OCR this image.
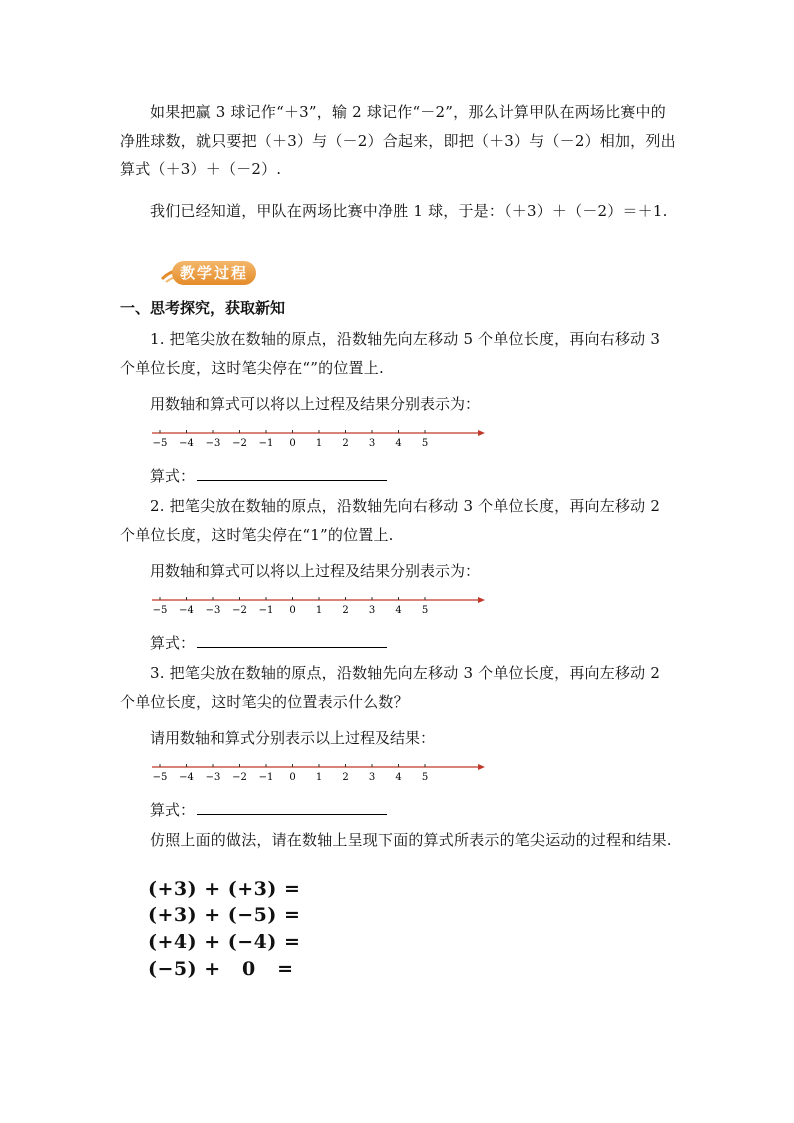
如果把赢 3 球记作“＋3”，输 2 球记作“－2”，那么计算甲队在两场比赛中的净胜球数，就只要把（＋3）与（－2）合起来，即把（＋3）与（－2）相加，列出算式（＋3）＋（－2）.

我们已经知道，甲队在两场比赛中净胜 1 球，于是：（＋3）＋（－2）＝＋1.

教学过程
一、思考探究，获取新知

1. 把笔尖放在数轴的原点，沿数轴先向左移动 5 个单位长度，再向右移动 3 个单位长度，这时笔尖停在“”的位置上.

用数轴和算式可以将以上过程及结果分别表示为：
−5 −4 −3 −2 −1 0 1 2 3 4 5
算式：

2. 把笔尖放在数轴的原点，沿数轴先向右移动 3 个单位长度，再向左移动 2 个单位长度，这时笔尖停在“1”的位置上.

用数轴和算式可以将以上过程及结果分别表示为：
−5 −4 −3 −2 −1 0 1 2 3 4 5
算式：

3. 把笔尖放在数轴的原点，沿数轴先向左移动 3 个单位长度，再向左移动 2 个单位长度，这时笔尖的位置表示什么数？

请用数轴和算式分别表示以上过程及结果：
−5 −4 −3 −2 −1 0 1 2 3 4 5
算式：

仿照上面的做法，请在数轴上呈现下面的算式所表示的笔尖运动的过程和结果.

(+3) + (+3) =
(+3) + (−5) =
(+4) + (−4) =
(−5) +   0   =
